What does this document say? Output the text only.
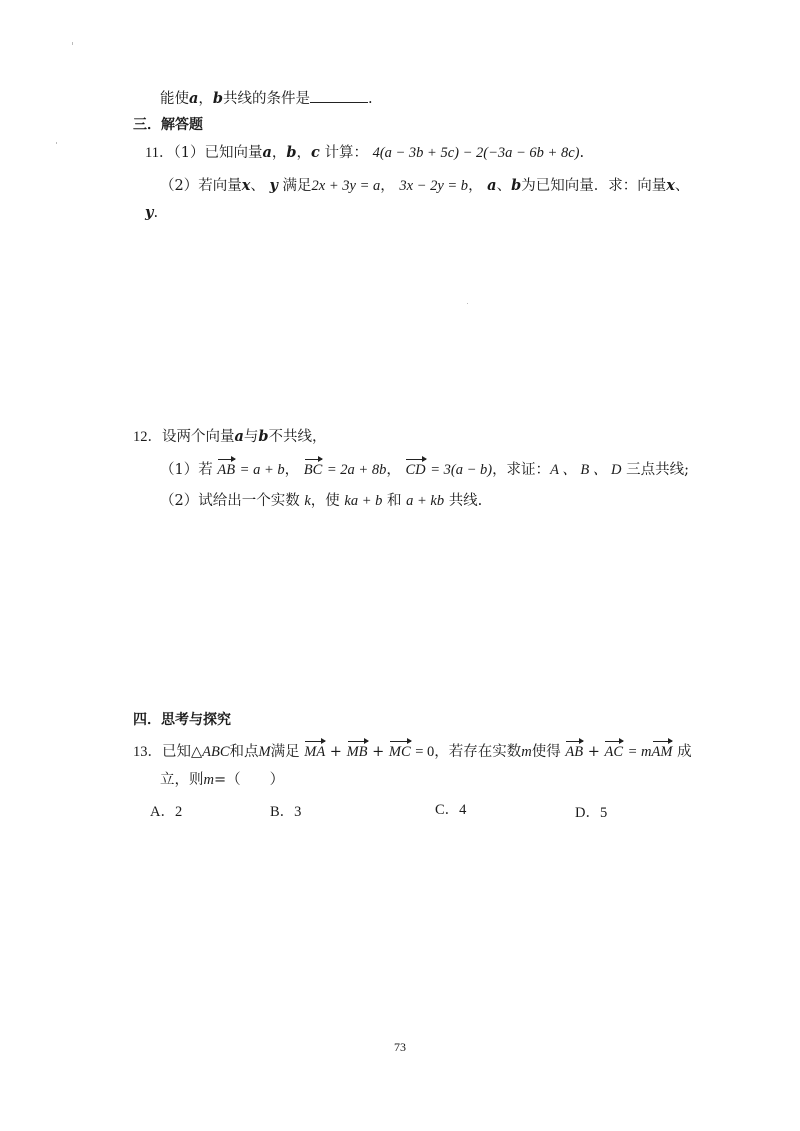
能使a，b共线的条件是	.
三．解答题
11．（1）已知向量a，b，c 计算： 4(a − 3b + 5c) − 2(−3a − 6b + 8c).
（2）若向量x、 y 满足2x + 3y = a， 3x − 2y = b， a、b为已知向量．求：向量x、
y.
12．设两个向量a与b不共线，
（1）若 AB = a + b， BC = 2a + 8b， CD = 3(a − b)，求证：A 、 B 、 D 三点共线;
（2）试给出一个实数 k，使 ka + b 和 a + kb 共线.
四．思考与探究
13．已知△ABC和点M满足 MA + MB + MC = 0，若存在实数m使得 AB + AC = mAM 成
立，则m=（　　）
A．2	B．3	C．4	D．5
73
